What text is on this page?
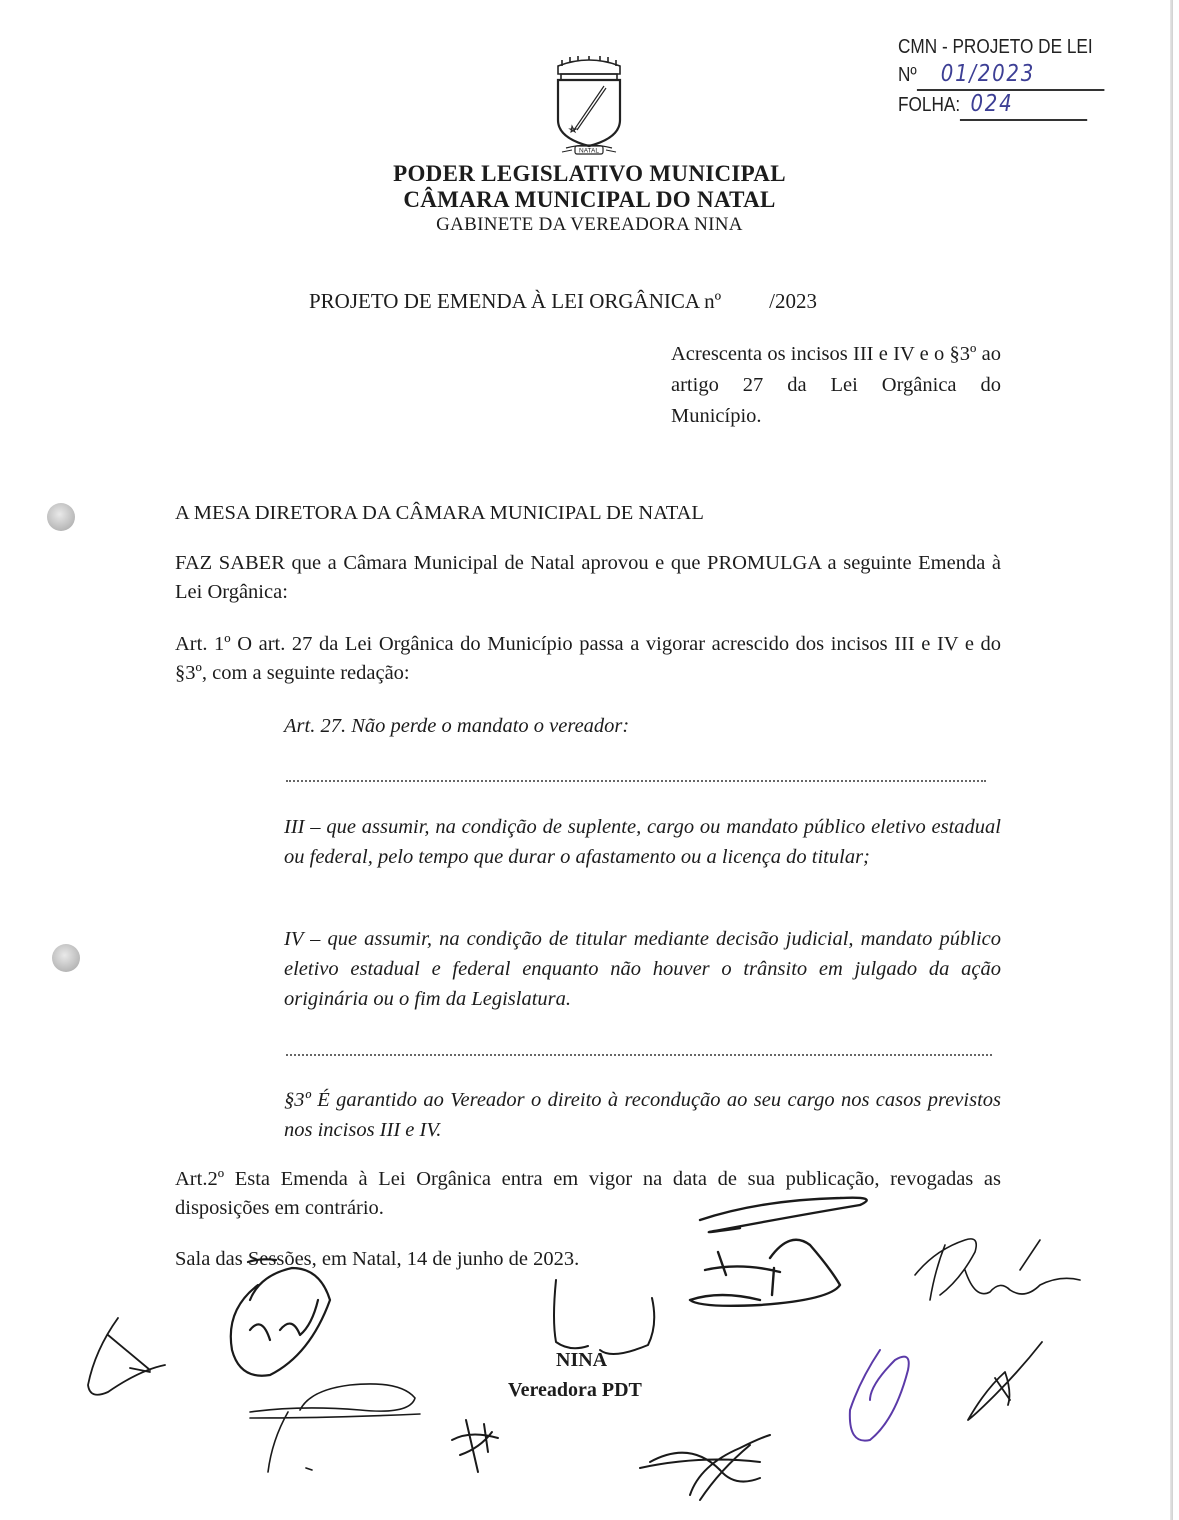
CMN - PROJETO DE LEI
Nº 01/2023
FOLHA: 024
NATAL
PODER LEGISLATIVO MUNICIPAL
CÂMARA MUNICIPAL DO NATAL
GABINETE DA VEREADORA NINA
PROJETO DE EMENDA À LEI ORGÂNICA nº /2023
Acrescenta os incisos III e IV e o §3º ao artigo 27 da Lei Orgânica do Município.
A MESA DIRETORA DA CÂMARA MUNICIPAL DE NATAL
FAZ SABER que a Câmara Municipal de Natal aprovou e que PROMULGA a seguinte Emenda à Lei Orgânica:
Art. 1º O art. 27 da Lei Orgânica do Município passa a vigorar acrescido dos incisos III e IV e do §3º, com a seguinte redação:
Art. 27. Não perde o mandato o vereador:
III – que assumir, na condição de suplente, cargo ou mandato público eletivo estadual ou federal, pelo tempo que durar o afastamento ou a licença do titular;
IV – que assumir, na condição de titular mediante decisão judicial, mandato público eletivo estadual e federal enquanto não houver o trânsito em julgado da ação originária ou o fim da Legislatura.
§3º É garantido ao Vereador o direito à recondução ao seu cargo nos casos previstos nos incisos III e IV.
Art.2º Esta Emenda à Lei Orgânica entra em vigor na data de sua publicação, revogadas as disposições em contrário.
Sala das Sessões, em Natal, 14 de junho de 2023.
NINA
Vereadora PDT
